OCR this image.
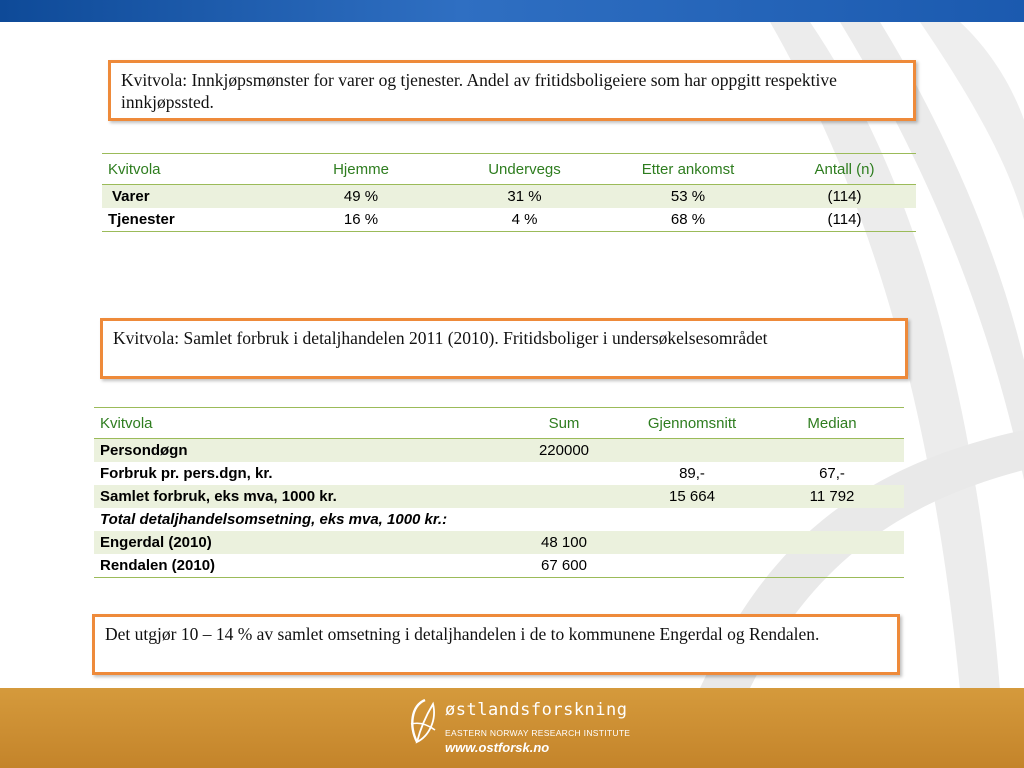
Kvitvola: Innkjøpsmønster for varer og tjenester. Andel av fritidsboligeiere som har oppgitt respektive innkjøpssted.
Kvitvola	Hjemme	Undervegs	Etter ankomst	Antall (n)
Varer	49 %	31 %	53 %	(114)
Tjenester	16 %	4 %	68 %	(114)
Kvitvola: Samlet forbruk i detaljhandelen 2011 (2010). Fritidsboliger i undersøkelsesområdet
Kvitvola	Sum	Gjennomsnitt	Median
Persondøgn	220000		
Forbruk pr. pers.dgn, kr.		89,-	67,-
Samlet forbruk, eks mva, 1000 kr.		15 664	11 792
Total detaljhandelsomsetning, eks mva, 1000 kr.:			
Engerdal (2010)	48 100		
Rendalen (2010)	67 600		
Det utgjør 10 – 14 % av samlet omsetning i detaljhandelen i de to kommunene Engerdal og Rendalen.
østlandsforskning
EASTERN NORWAY RESEARCH INSTITUTE
www.ostforsk.no
